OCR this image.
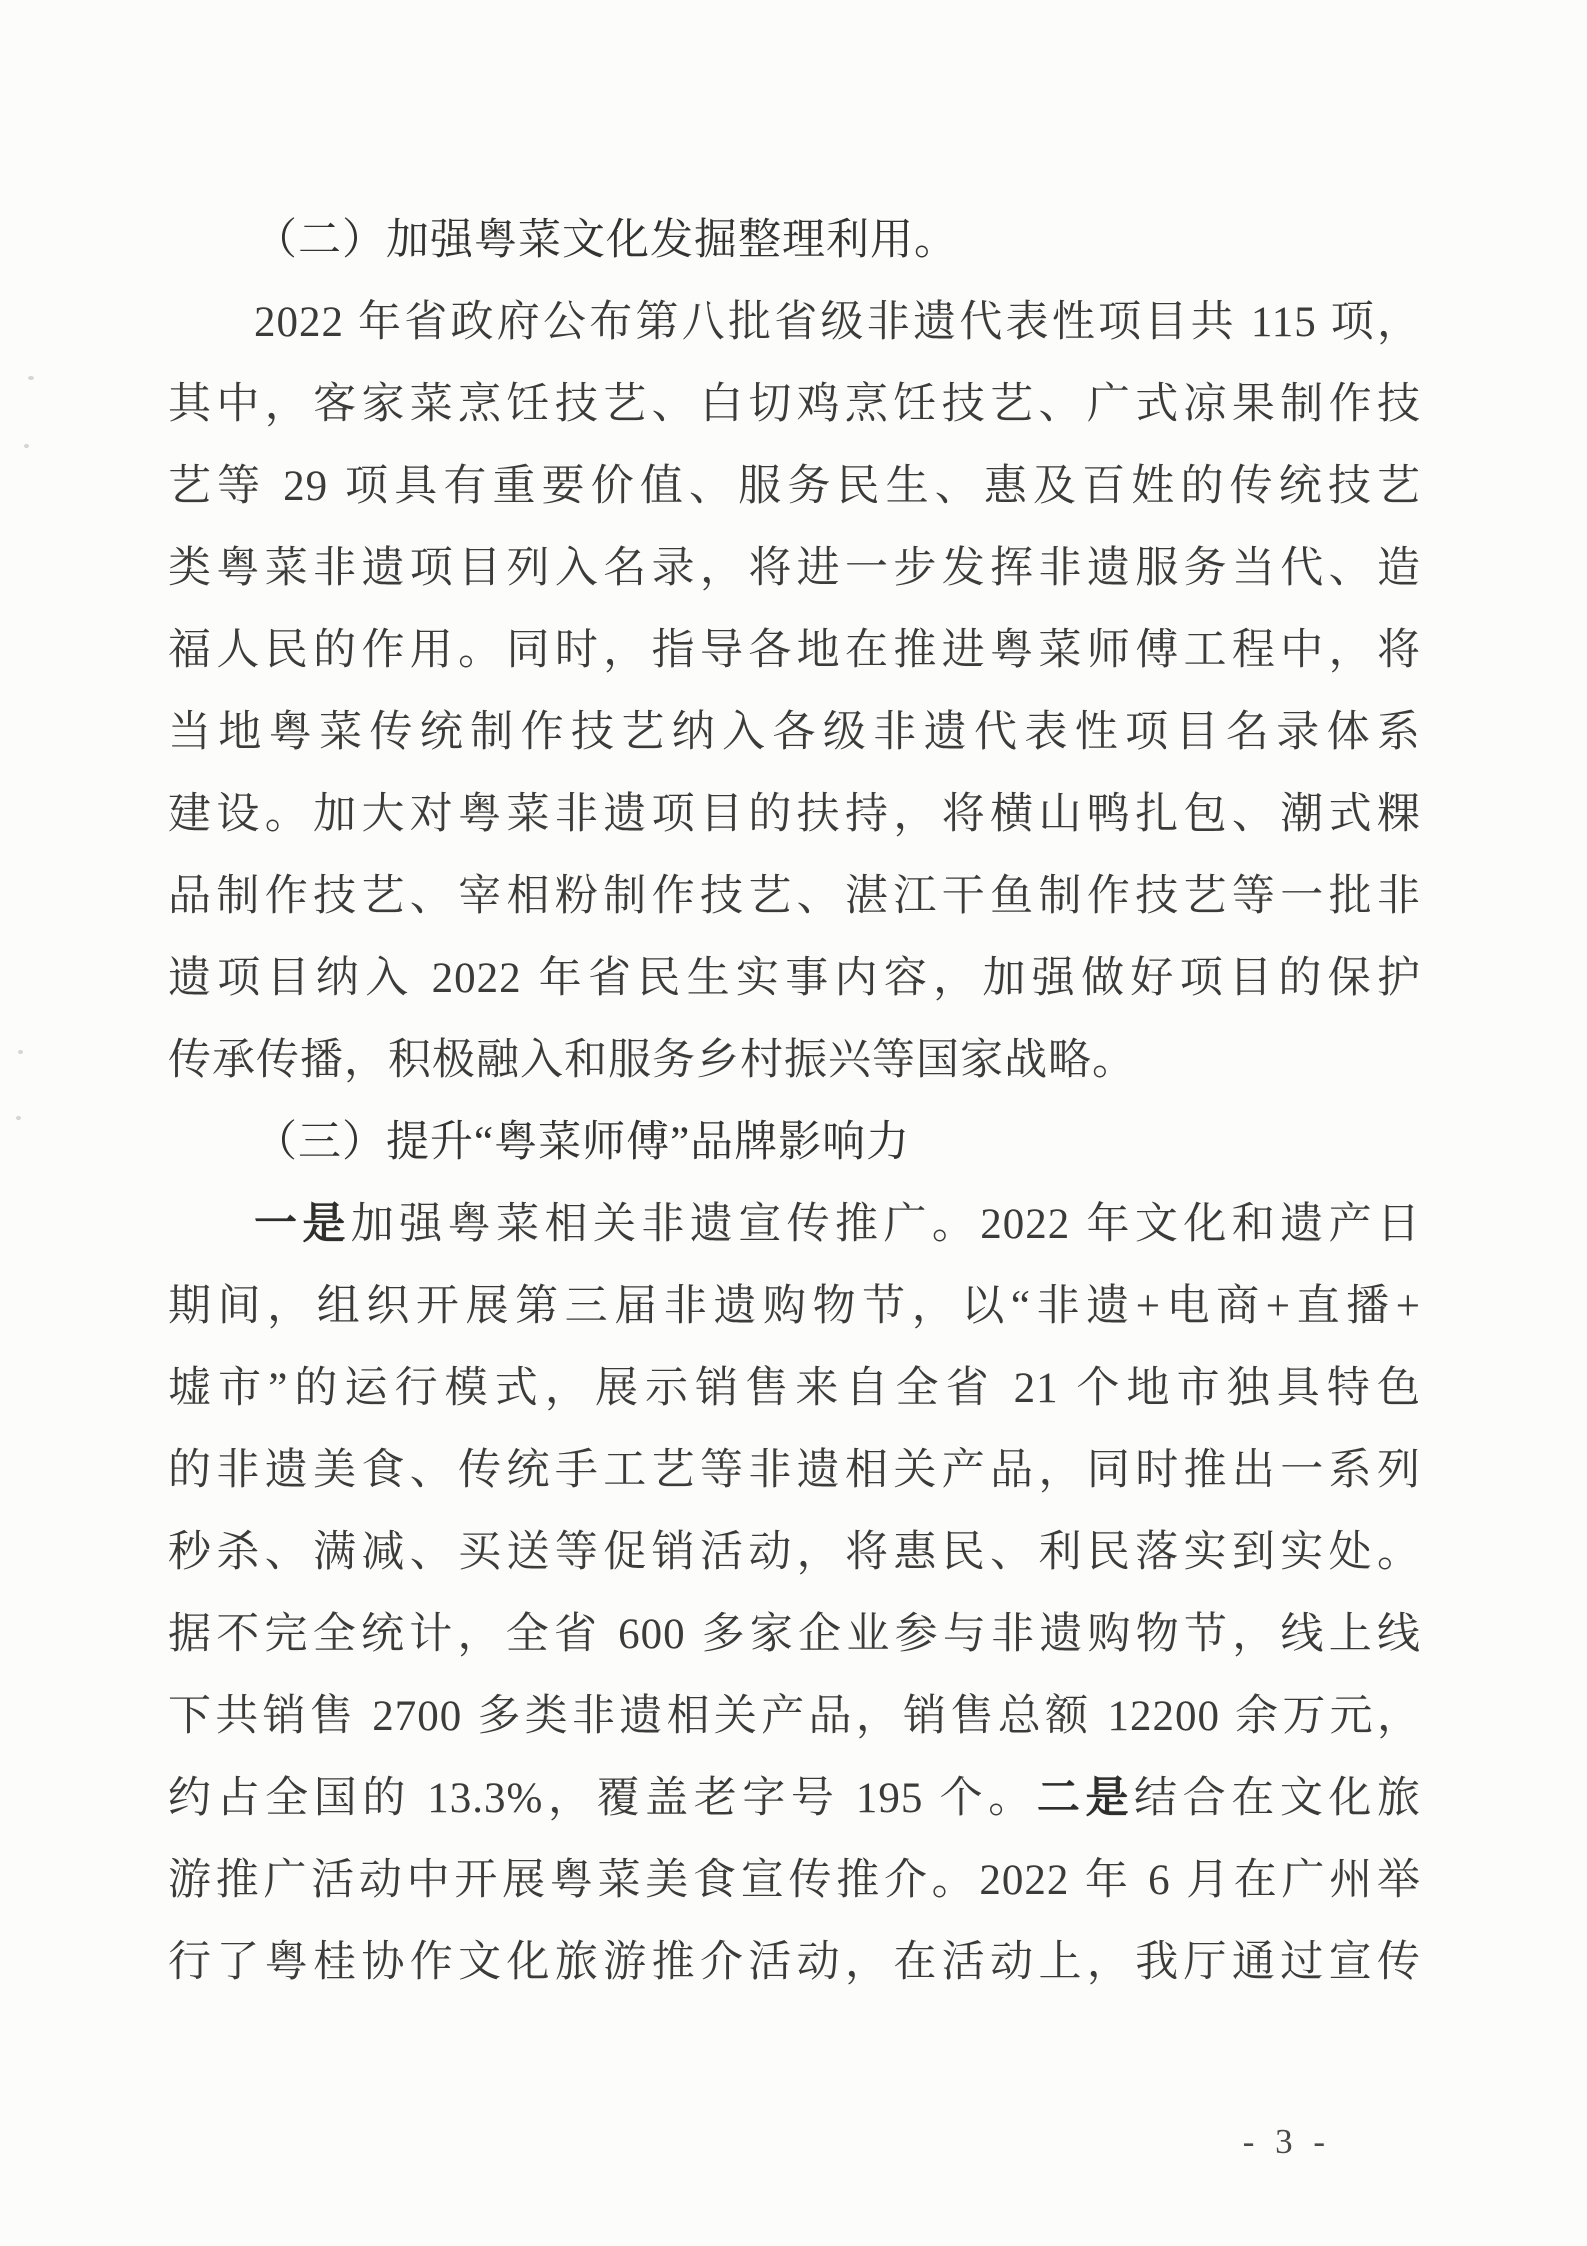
（二）加强粤菜文化发掘整理利用。
2022 年省政府公布第八批省级非遗代表性项目共 115 项，
其中，客家菜烹饪技艺、白切鸡烹饪技艺、广式凉果制作技
艺等 29 项具有重要价值、服务民生、惠及百姓的传统技艺
类粤菜非遗项目列入名录，将进一步发挥非遗服务当代、造
福人民的作用。同时，指导各地在推进粤菜师傅工程中，将
当地粤菜传统制作技艺纳入各级非遗代表性项目名录体系
建设。加大对粤菜非遗项目的扶持，将横山鸭扎包、潮式粿
品制作技艺、宰相粉制作技艺、湛江干鱼制作技艺等一批非
遗项目纳入 2022 年省民生实事内容，加强做好项目的保护
传承传播，积极融入和服务乡村振兴等国家战略。
（三）提升“粤菜师傅”品牌影响力
一是加强粤菜相关非遗宣传推广。2022 年文化和遗产日
期间，组织开展第三届非遗购物节，以“非遗+电商+直播+
墟市”的运行模式，展示销售来自全省 21 个地市独具特色
的非遗美食、传统手工艺等非遗相关产品，同时推出一系列
秒杀、满减、买送等促销活动，将惠民、利民落实到实处。
据不完全统计，全省 600 多家企业参与非遗购物节，线上线
下共销售 2700 多类非遗相关产品，销售总额 12200 余万元，
约占全国的 13.3%，覆盖老字号 195 个。二是结合在文化旅
游推广活动中开展粤菜美食宣传推介。2022 年 6 月在广州举
行了粤桂协作文化旅游推介活动，在活动上，我厅通过宣传
- 3 -
